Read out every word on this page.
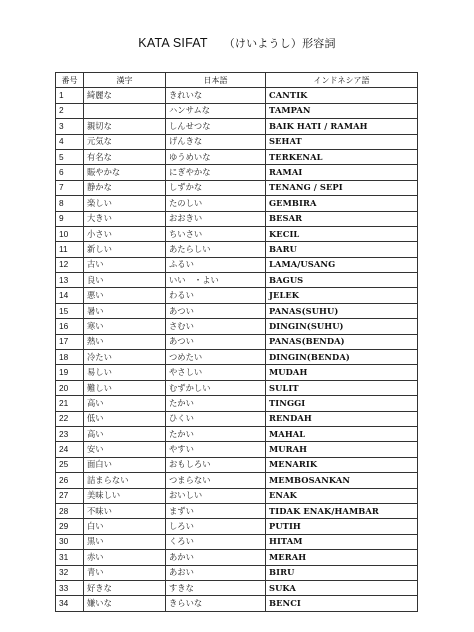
KATA SIFAT （けいようし）形容詞
番号	漢字	日本語	インドネシア語
1	綺麗な	きれいな	CANTIK
2		ハンサムな	TAMPAN
3	親切な	しんせつな	BAIK HATI / RAMAH
4	元気な	げんきな	SEHAT
5	有名な	ゆうめいな	TERKENAL
6	賑やかな	にぎやかな	RAMAI
7	静かな	しずかな	TENANG / SEPI
8	楽しい	たのしい	GEMBIRA
9	大きい	おおきい	BESAR
10	小さい	ちいさい	KECIL
11	新しい	あたらしい	BARU
12	古い	ふるい	LAMA/USANG
13	良い	いい　・よい	BAGUS
14	悪い	わるい	JELEK
15	暑い	あつい	PANAS(SUHU)
16	寒い	さむい	DINGIN(SUHU)
17	熱い	あつい	PANAS(BENDA)
18	冷たい	つめたい	DINGIN(BENDA)
19	易しい	やさしい	MUDAH
20	難しい	むずかしい	SULIT
21	高い	たかい	TINGGI
22	低い	ひくい	RENDAH
23	高い	たかい	MAHAL
24	安い	やすい	MURAH
25	面白い	おもしろい	MENARIK
26	詰まらない	つまらない	MEMBOSANKAN
27	美味しい	おいしい	ENAK
28	不味い	まずい	TIDAK ENAK/HAMBAR
29	白い	しろい	PUTIH
30	黒い	くろい	HITAM
31	赤い	あかい	MERAH
32	青い	あおい	BIRU
33	好きな	すきな	SUKA
34	嫌いな	きらいな	BENCI
